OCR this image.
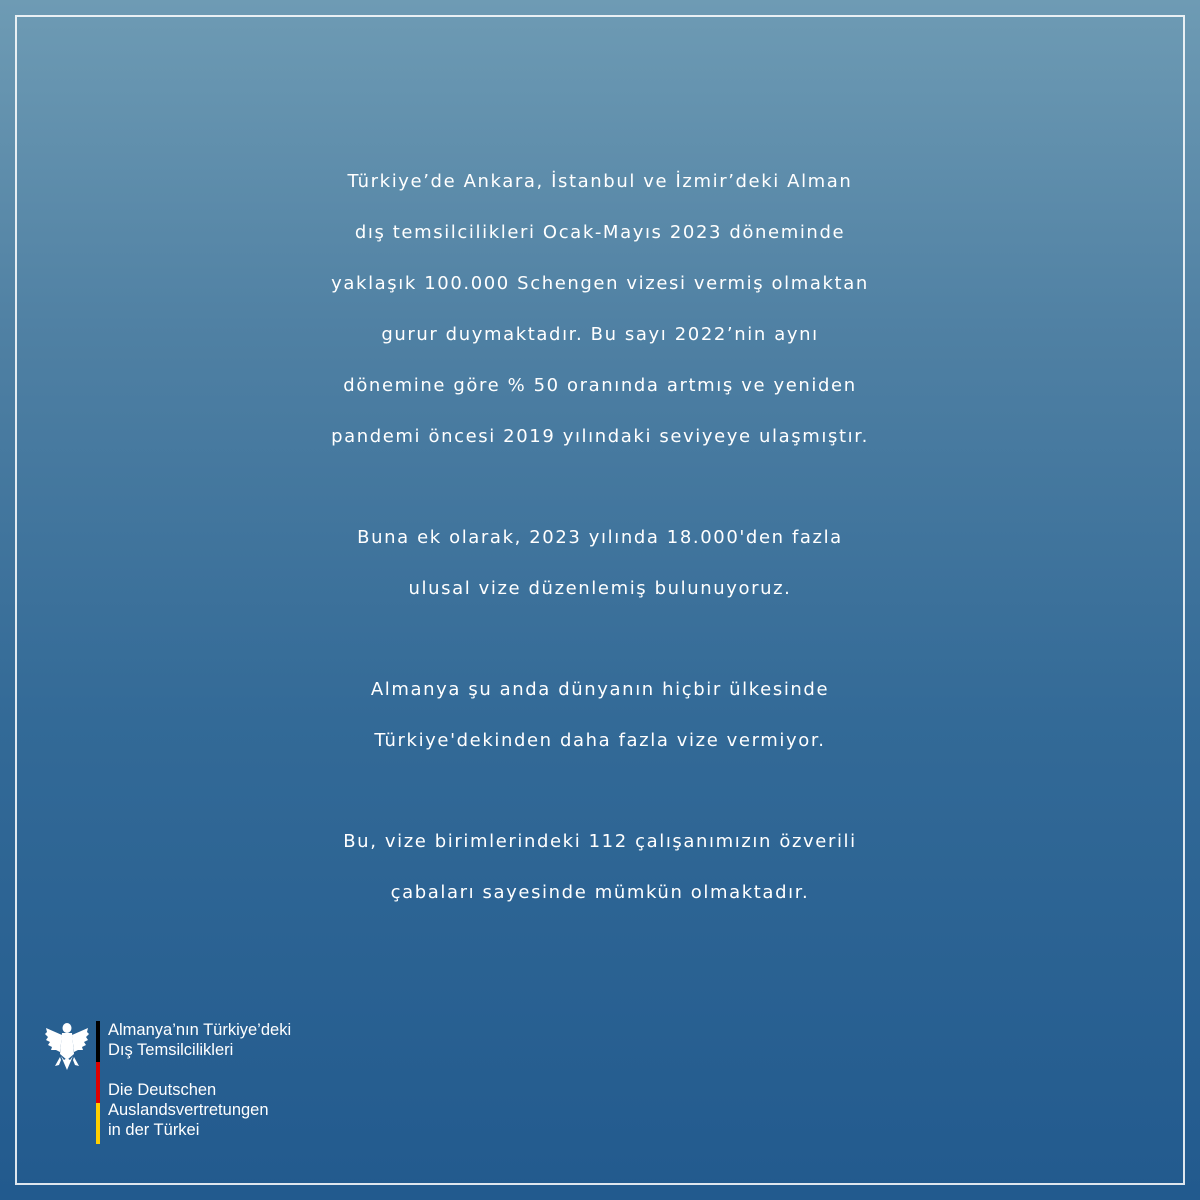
Türkiye’de Ankara, İstanbul ve İzmir’deki Alman
dış temsilcilikleri Ocak-Mayıs 2023 döneminde
yaklaşık 100.000 Schengen vizesi vermiş olmaktan
gurur duymaktadır. Bu sayı 2022’nin aynı
dönemine göre % 50 oranında artmış ve yeniden
pandemi öncesi 2019 yılındaki seviyeye ulaşmıştır.

Buna ek olarak, 2023 yılında 18.000'den fazla
ulusal vize düzenlemiş bulunuyoruz.

Almanya şu anda dünyanın hiçbir ülkesinde
Türkiye'dekinden daha fazla vize vermiyor.

Bu, vize birimlerindeki 112 çalışanımızın özverili
çabaları sayesinde mümkün olmaktadır.

Almanya’nın Türkiye’deki
Dış Temsilcilikleri
Die Deutschen
Auslandsvertretungen
in der Türkei
